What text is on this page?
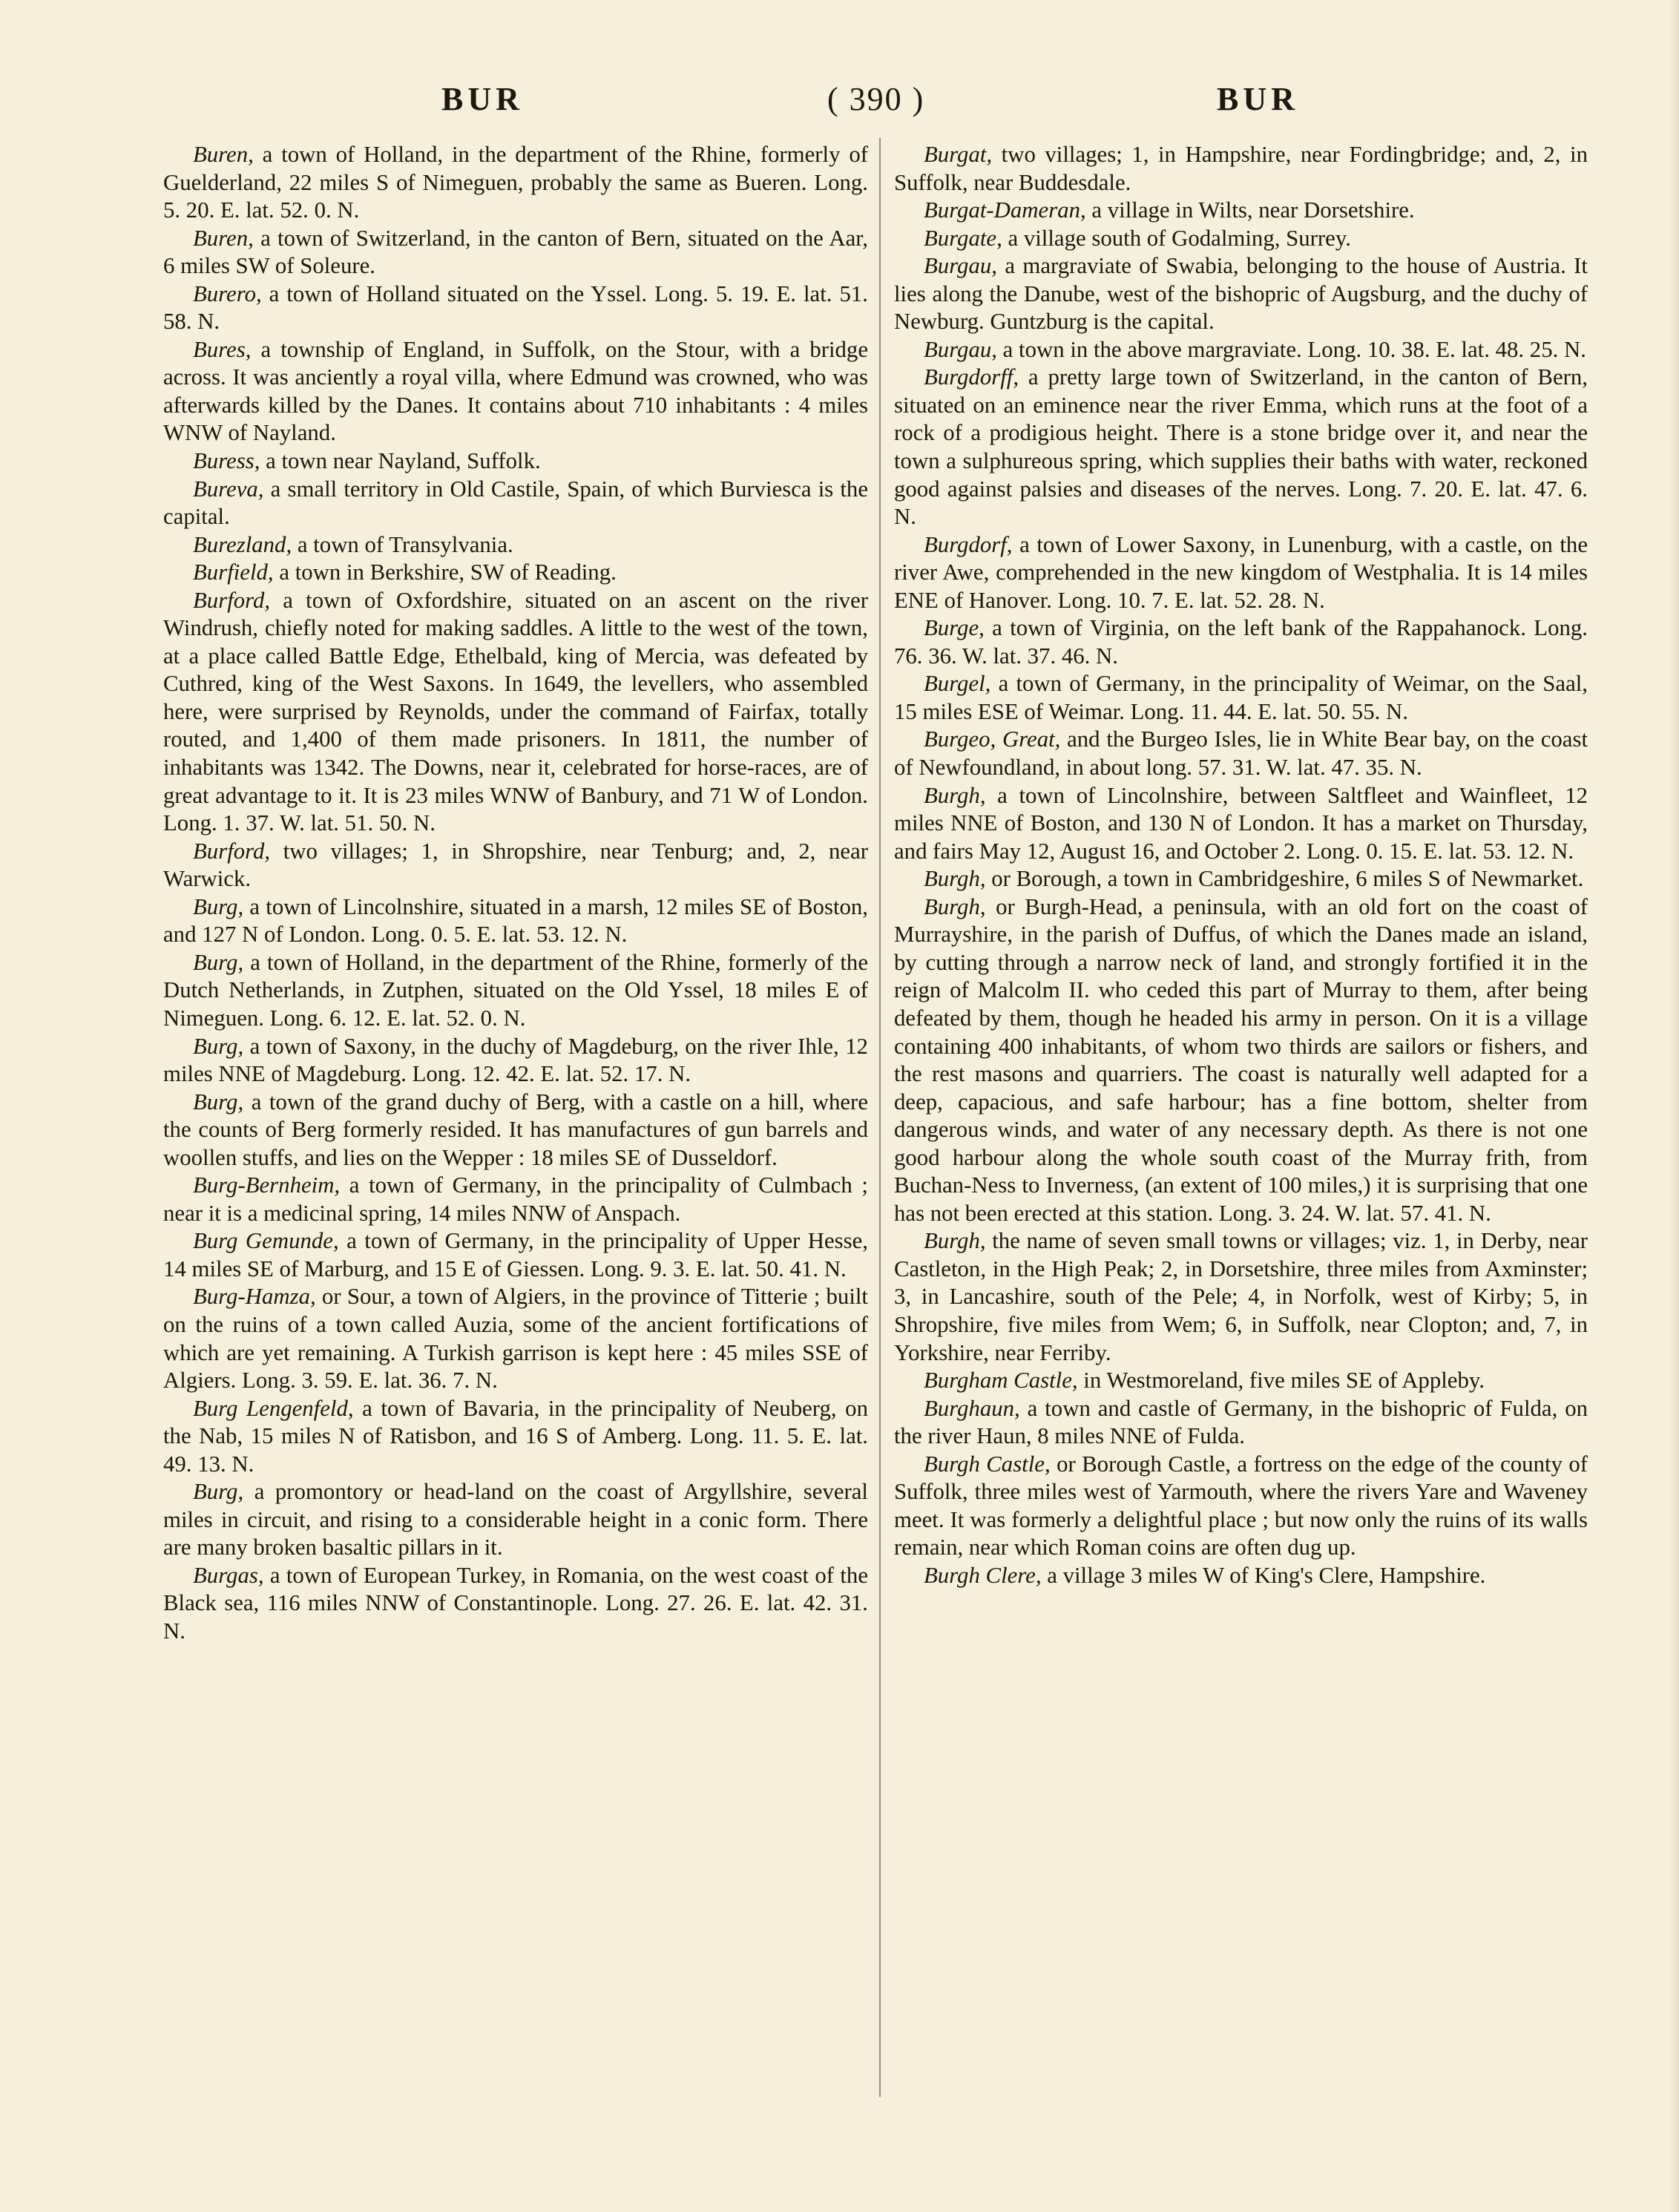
BUR	( 390 )	BUR

Buren, a town of Holland, in the department of the Rhine, formerly of Guelderland, 22 miles S of Nimeguen, probably the same as Bueren. Long. 5. 20. E. lat. 52. 0. N.

Buren, a town of Switzerland, in the canton of Bern, situated on the Aar, 6 miles SW of Soleure.

Burero, a town of Holland situated on the Yssel. Long. 5. 19. E. lat. 51. 58. N.

Bures, a township of England, in Suffolk, on the Stour, with a bridge across. It was anciently a royal villa, where Edmund was crowned, who was afterwards killed by the Danes. It contains about 710 inhabitants : 4 miles WNW of Nayland.

Buress, a town near Nayland, Suffolk.

Bureva, a small territory in Old Castile, Spain, of which Burviesca is the capital.

Burezland, a town of Transylvania.

Burfield, a town in Berkshire, SW of Reading.

Burford, a town of Oxfordshire, situated on an ascent on the river Windrush, chiefly noted for making saddles. A little to the west of the town, at a place called Battle Edge, Ethelbald, king of Mercia, was defeated by Cuthred, king of the West Saxons. In 1649, the levellers, who assembled here, were surprised by Reynolds, under the command of Fairfax, totally routed, and 1,400 of them made prisoners. In 1811, the number of inhabitants was 1342. The Downs, near it, celebrated for horse-races, are of great advantage to it. It is 23 miles WNW of Banbury, and 71 W of London. Long. 1. 37. W. lat. 51. 50. N.

Burford, two villages; 1, in Shropshire, near Tenburg; and, 2, near Warwick.

Burg, a town of Lincolnshire, situated in a marsh, 12 miles SE of Boston, and 127 N of London. Long. 0. 5. E. lat. 53. 12. N.

Burg, a town of Holland, in the department of the Rhine, formerly of the Dutch Netherlands, in Zutphen, situated on the Old Yssel, 18 miles E of Nimeguen. Long. 6. 12. E. lat. 52. 0. N.

Burg, a town of Saxony, in the duchy of Magdeburg, on the river Ihle, 12 miles NNE of Magdeburg. Long. 12. 42. E. lat. 52. 17. N.

Burg, a town of the grand duchy of Berg, with a castle on a hill, where the counts of Berg formerly resided. It has manufactures of gun barrels and woollen stuffs, and lies on the Wepper : 18 miles SE of Dusseldorf.

Burg-Bernheim, a town of Germany, in the principality of Culmbach ; near it is a medicinal spring, 14 miles NNW of Anspach.

Burg Gemunde, a town of Germany, in the principality of Upper Hesse, 14 miles SE of Marburg, and 15 E of Giessen. Long. 9. 3. E. lat. 50. 41. N.

Burg-Hamza, or Sour, a town of Algiers, in the province of Titterie ; built on the ruins of a town called Auzia, some of the ancient fortifications of which are yet remaining. A Turkish garrison is kept here : 45 miles SSE of Algiers. Long. 3. 59. E. lat. 36. 7. N.

Burg Lengenfeld, a town of Bavaria, in the principality of Neuberg, on the Nab, 15 miles N of Ratisbon, and 16 S of Amberg. Long. 11. 5. E. lat. 49. 13. N.

Burg, a promontory or head-land on the coast of Argyllshire, several miles in circuit, and rising to a considerable height in a conic form. There are many broken basaltic pillars in it.

Burgas, a town of European Turkey, in Romania, on the west coast of the Black sea, 116 miles NNW of Constantinople. Long. 27. 26. E. lat. 42. 31. N.

Burgat, two villages; 1, in Hampshire, near Fordingbridge; and, 2, in Suffolk, near Buddesdale.

Burgat-Dameran, a village in Wilts, near Dorsetshire.

Burgate, a village south of Godalming, Surrey.

Burgau, a margraviate of Swabia, belonging to the house of Austria. It lies along the Danube, west of the bishopric of Augsburg, and the duchy of Newburg. Guntzburg is the capital.

Burgau, a town in the above margraviate. Long. 10. 38. E. lat. 48. 25. N.

Burgdorff, a pretty large town of Switzerland, in the canton of Bern, situated on an eminence near the river Emma, which runs at the foot of a rock of a prodigious height. There is a stone bridge over it, and near the town a sulphureous spring, which supplies their baths with water, reckoned good against palsies and diseases of the nerves. Long. 7. 20. E. lat. 47. 6. N.

Burgdorf, a town of Lower Saxony, in Lunenburg, with a castle, on the river Awe, comprehended in the new kingdom of Westphalia. It is 14 miles ENE of Hanover. Long. 10. 7. E. lat. 52. 28. N.

Burge, a town of Virginia, on the left bank of the Rappahanock. Long. 76. 36. W. lat. 37. 46. N.

Burgel, a town of Germany, in the principality of Weimar, on the Saal, 15 miles ESE of Weimar. Long. 11. 44. E. lat. 50. 55. N.

Burgeo, Great, and the Burgeo Isles, lie in White Bear bay, on the coast of Newfoundland, in about long. 57. 31. W. lat. 47. 35. N.

Burgh, a town of Lincolnshire, between Saltfleet and Wainfleet, 12 miles NNE of Boston, and 130 N of London. It has a market on Thursday, and fairs May 12, August 16, and October 2. Long. 0. 15. E. lat. 53. 12. N.

Burgh, or Borough, a town in Cambridgeshire, 6 miles S of Newmarket.

Burgh, or Burgh-Head, a peninsula, with an old fort on the coast of Murrayshire, in the parish of Duffus, of which the Danes made an island, by cutting through a narrow neck of land, and strongly fortified it in the reign of Malcolm II. who ceded this part of Murray to them, after being defeated by them, though he headed his army in person. On it is a village containing 400 inhabitants, of whom two thirds are sailors or fishers, and the rest masons and quarriers. The coast is naturally well adapted for a deep, capacious, and safe harbour; has a fine bottom, shelter from dangerous winds, and water of any necessary depth. As there is not one good harbour along the whole south coast of the Murray frith, from Buchan-Ness to Inverness, (an extent of 100 miles,) it is surprising that one has not been erected at this station. Long. 3. 24. W. lat. 57. 41. N.

Burgh, the name of seven small towns or villages; viz. 1, in Derby, near Castleton, in the High Peak; 2, in Dorsetshire, three miles from Axminster; 3, in Lancashire, south of the Pele; 4, in Norfolk, west of Kirby; 5, in Shropshire, five miles from Wem; 6, in Suffolk, near Clopton; and, 7, in Yorkshire, near Ferriby.

Burgham Castle, in Westmoreland, five miles SE of Appleby.

Burghaun, a town and castle of Germany, in the bishopric of Fulda, on the river Haun, 8 miles NNE of Fulda.

Burgh Castle, or Borough Castle, a fortress on the edge of the county of Suffolk, three miles west of Yarmouth, where the rivers Yare and Waveney meet. It was formerly a delightful place ; but now only the ruins of its walls remain, near which Roman coins are often dug up.

Burgh Clere, a village 3 miles W of King's Clere, Hampshire.
